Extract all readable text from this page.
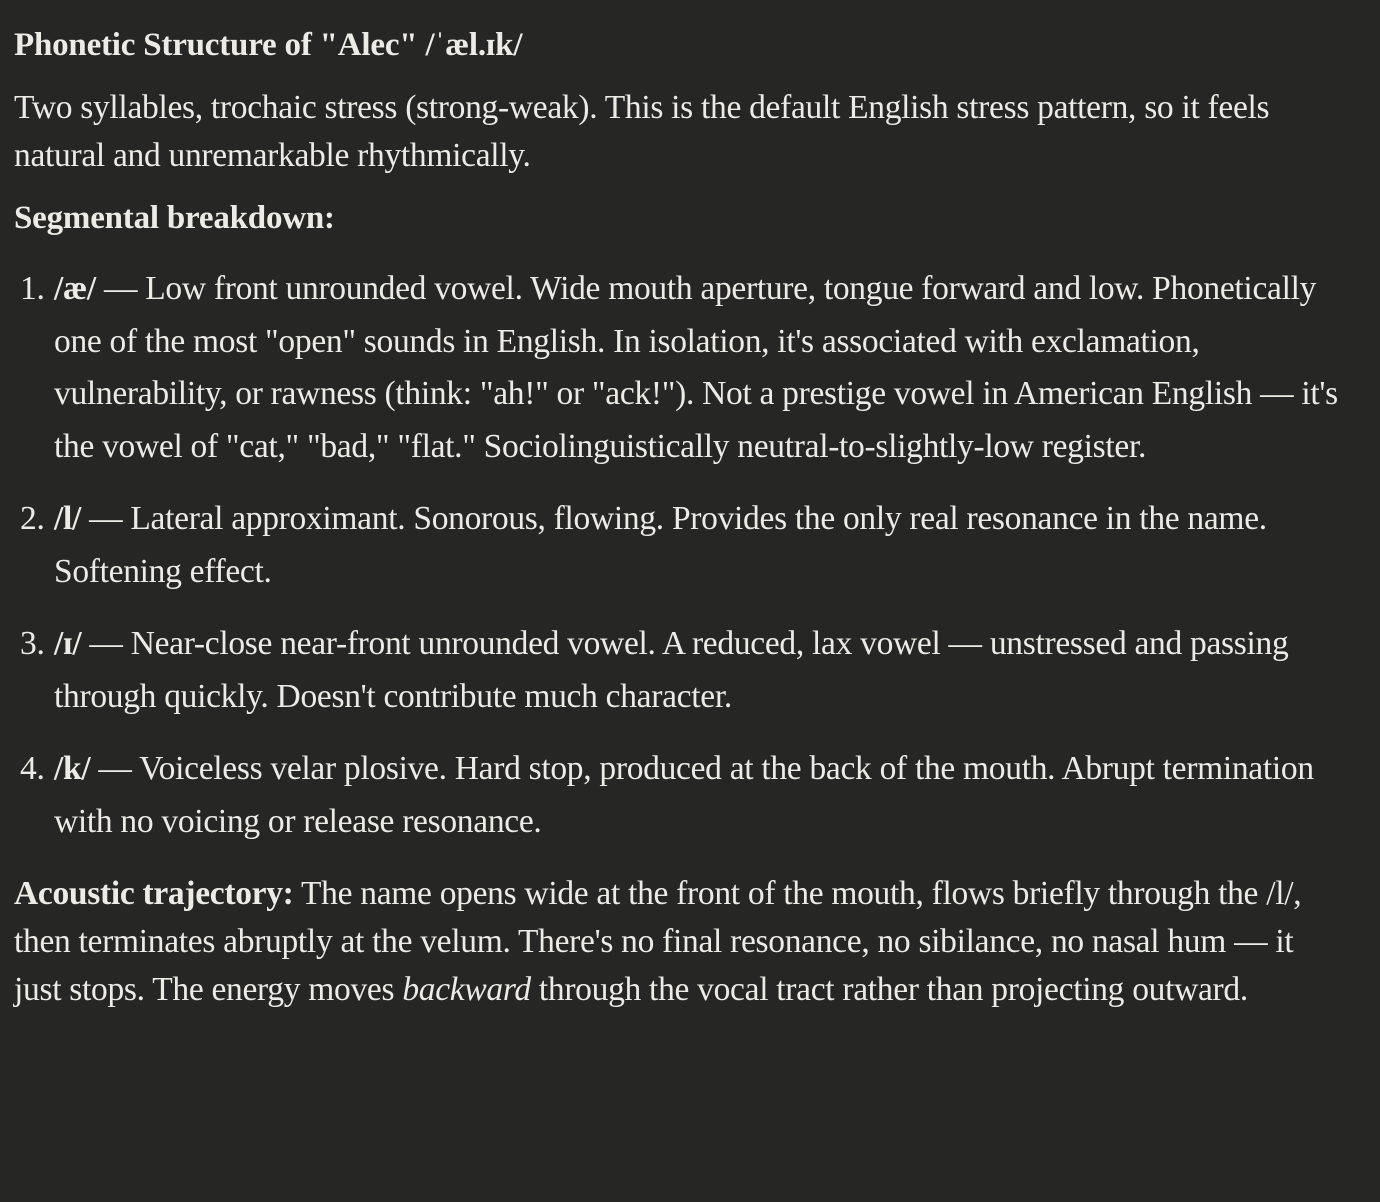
Phonetic Structure of "Alec" /ˈæl.ɪk/

Two syllables, trochaic stress (strong-weak). This is the default English stress pattern, so it feels natural and unremarkable rhythmically.

Segmental breakdown:

1. /æ/ — Low front unrounded vowel. Wide mouth aperture, tongue forward and low. Phonetically one of the most "open" sounds in English. In isolation, it's associated with exclamation, vulnerability, or rawness (think: "ah!" or "ack!"). Not a prestige vowel in American English — it's the vowel of "cat," "bad," "flat." Sociolinguistically neutral-to-slightly-low register.
2. /l/ — Lateral approximant. Sonorous, flowing. Provides the only real resonance in the name. Softening effect.
3. /ɪ/ — Near-close near-front unrounded vowel. A reduced, lax vowel — unstressed and passing through quickly. Doesn't contribute much character.
4. /k/ — Voiceless velar plosive. Hard stop, produced at the back of the mouth. Abrupt termination with no voicing or release resonance.

Acoustic trajectory: The name opens wide at the front of the mouth, flows briefly through the /l/, then terminates abruptly at the velum. There's no final resonance, no sibilance, no nasal hum — it just stops. The energy moves backward through the vocal tract rather than projecting outward.
